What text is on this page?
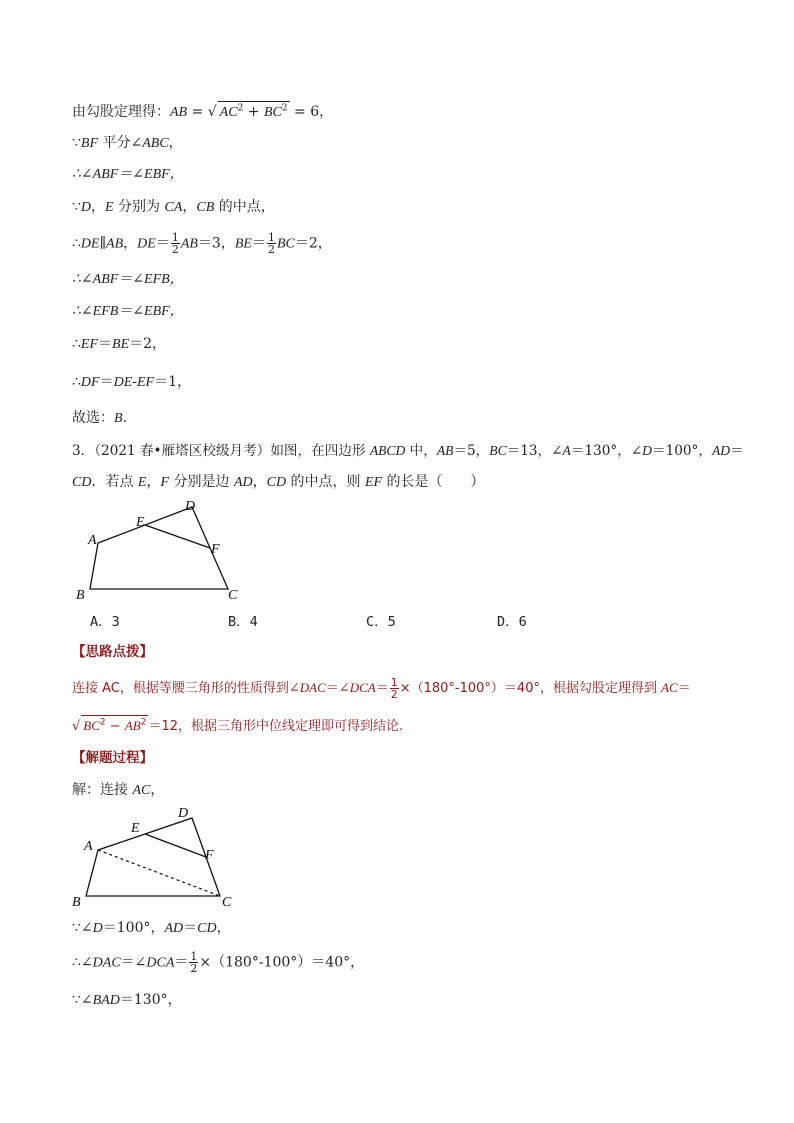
由勾股定理得：AB = √ $AC^2 + BC^2 = 6$，
∵BF 平分∠ABC，
∴∠ABF＝∠EBF，
∵D，E 分别为 CA，CB 的中点，
∴DE∥AB，$DE= \frac{1}{2} AB=3$，$BE= \frac{1}{2} BC=2$，
∴∠ABF＝∠EFB，
∴∠EFB＝∠EBF，
∴EF＝BE＝2，
∴DF＝DE-EF＝1，
故选：B.
3．（2021 春•雁塔区校级月考）如图，在四边形 ABCD 中，AB＝5，BC＝13，∠A＝130°，∠D＝100°，AD＝
CD．若点 E，F 分别是边 AD，CD 的中点，则 EF 的长是（　　）
A
B	C
D
E
F
A．3	B．4	C．5	D．6
【思路点拨】
连接 AC，根据等腰三角形的性质得到∠DAC＝∠DCA＝ $\frac{1}{2} \times(180^\circ-100^\circ)=40^\circ$，根据勾股定理得到 AC＝
√ $BC^2 - AB^2 =12$，根据三角形中位线定理即可得到结论.
【解题过程】
解：连接 AC，
A
B	C
D
E
F
∵∠D＝100°，AD＝CD，
∴∠DAC＝∠DCA＝ $\frac{1}{2} \times(180^\circ-100^\circ)=40^\circ$，
∵∠BAD＝130°，
